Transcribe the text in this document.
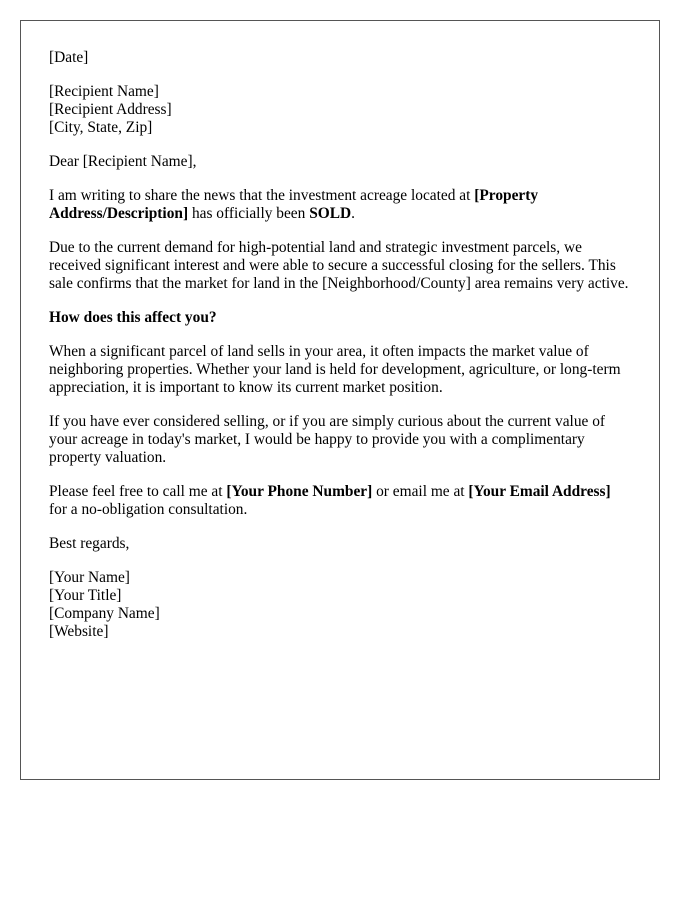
[Date]

[Recipient Name]
[Recipient Address]
[City, State, Zip]

Dear [Recipient Name],

I am writing to share the news that the investment acreage located at [Property Address/Description] has officially been SOLD.

Due to the current demand for high-potential land and strategic investment parcels, we received significant interest and were able to secure a successful closing for the sellers. This sale confirms that the market for land in the [Neighborhood/County] area remains very active.

How does this affect you?

When a significant parcel of land sells in your area, it often impacts the market value of neighboring properties. Whether your land is held for development, agriculture, or long-term appreciation, it is important to know its current market position.

If you have ever considered selling, or if you are simply curious about the current value of your acreage in today's market, I would be happy to provide you with a complimentary property valuation.

Please feel free to call me at [Your Phone Number] or email me at [Your Email Address] for a no-obligation consultation.

Best regards,

[Your Name]
[Your Title]
[Company Name]
[Website]
